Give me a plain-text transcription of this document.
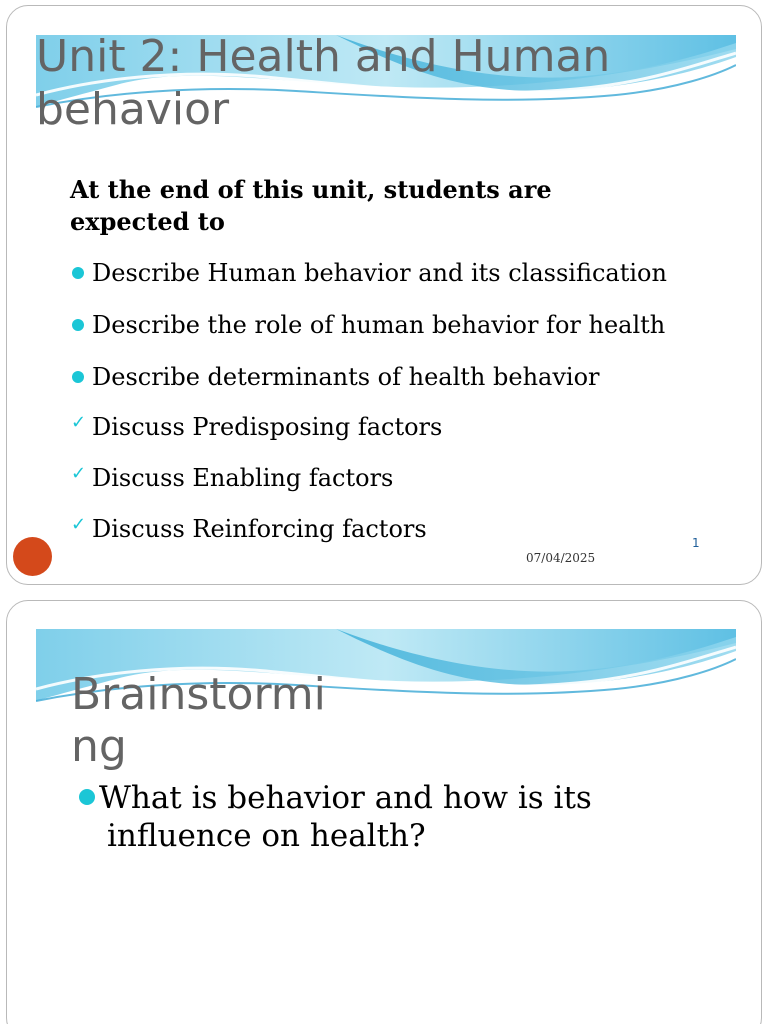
Unit 2: Health and Human behavior
At the end of this unit, students are expected to
Describe Human behavior and its classification
Describe the role of human behavior for health
Describe determinants of health behavior
✓ Discuss Predisposing factors
✓ Discuss Enabling factors
✓ Discuss Reinforcing factors
07/04/2025
1
Brainstorming
What is behavior and how is its influence on health?
